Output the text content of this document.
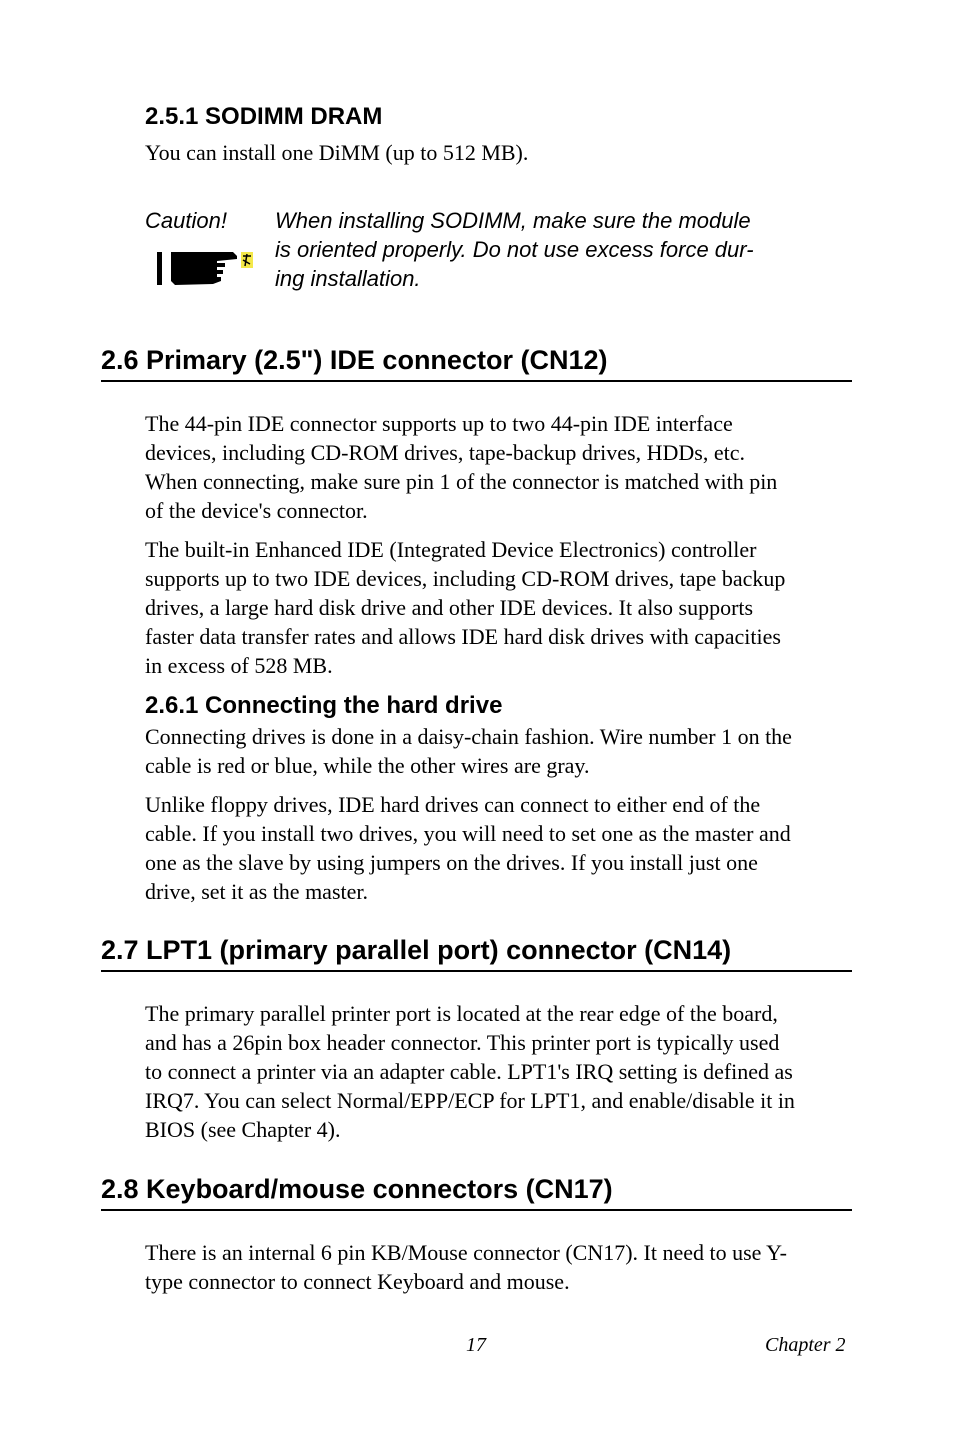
2.5.1 SODIMM DRAM

You can install one DiMM (up to 512 MB).

Caution! When installing SODIMM, make sure the module
is oriented properly. Do not use excess force dur-
ing installation.
2.6 Primary (2.5") IDE connector (CN12)

The 44-pin IDE connector supports up to two 44-pin IDE interface
devices, including CD-ROM drives, tape-backup drives, HDDs, etc.
When connecting, make sure pin 1 of the connector is matched with pin
of the device's connector.

The built-in Enhanced IDE (Integrated Device Electronics) controller
supports up to two IDE devices, including CD-ROM drives, tape backup
drives, a large hard disk drive and other IDE devices. It also supports
faster data transfer rates and allows IDE hard disk drives with capacities
in excess of 528 MB.

2.6.1 Connecting the hard drive

Connecting drives is done in a daisy-chain fashion. Wire number 1 on the
cable is red or blue, while the other wires are gray.

Unlike floppy drives, IDE hard drives can connect to either end of the
cable. If you install two drives, you will need to set one as the master and
one as the slave by using jumpers on the drives. If you install just one
drive, set it as the master.

2.7 LPT1 (primary parallel port) connector (CN14)

The primary parallel printer port is located at the rear edge of the board,
and has a 26pin box header connector. This printer port is typically used
to connect a printer via an adapter cable. LPT1's IRQ setting is defined as
IRQ7. You can select Normal/EPP/ECP for LPT1, and enable/disable it in
BIOS (see Chapter 4).

2.8 Keyboard/mouse connectors (CN17)

There is an internal 6 pin KB/Mouse connector (CN17). It need to use Y-
type connector to connect Keyboard and mouse.

17	Chapter 2
